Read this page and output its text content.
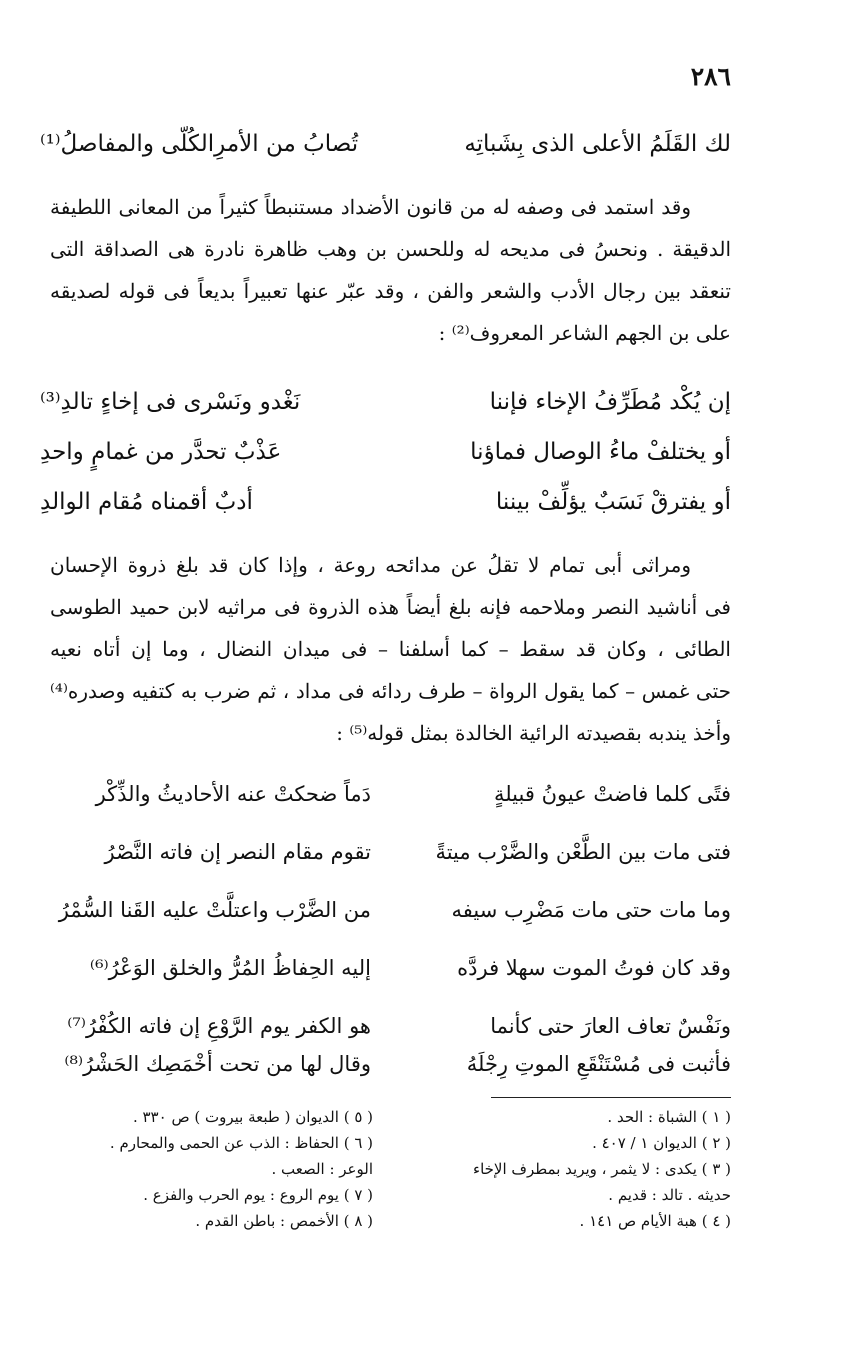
٢٨٦
لك القَلَمُ الأعلى الذى بِشَباتِه
تُصابُ من الأمرِالكُلّى والمفاصلُ⁽¹⁾
وقد استمد فى وصفه له من قانون الأضداد مستنبطاً كثيراً من المعانى اللطيفة
الدقيقة . ونحسُ فى مديحه له وللحسن بن وهب ظاهرة نادرة هى الصداقة التى
تنعقد بين رجال الأدب والشعر والفن ، وقد عبّر عنها تعبيراً بديعاً فى قوله لصديقه
على بن الجهم الشاعر المعروف⁽²⁾ :
إن يُكْد مُطَرِّفُ الإخاء فإننا
نَغْدو ونَسْرى فى إخاءٍ تالدِ⁽³⁾
أو يختلفْ ماءُ الوصال فماؤنا
عَذْبٌ تحدَّر من غمامٍ واحدِ
أو يفترقْ نَسَبٌ يؤلِّفْ بيننا
أدبٌ أقمناه مُقام الوالدِ
ومراثى أبى تمام لا تقلُ عن مدائحه روعة ، وإذا كان قد بلغ ذروة الإحسان
فى أناشيد النصر وملاحمه فإنه بلغ أيضاً هذه الذروة فى مراثيه لابن حميد الطوسى
الطائى ، وكان قد سقط – كما أسلفنا – فى ميدان النضال ، وما إن أتاه نعيه
حتى غمس – كما يقول الرواة – طرف ردائه فى مداد ، ثم ضرب به كتفيه وصدره⁽⁴⁾
وأخذ يندبه بقصيدته الرائية الخالدة بمثل قوله⁽⁵⁾ :
فتًى كلما فاضتْ عيونُ قبيلةٍ
دَماً ضحكتْ عنه الأحاديثُ والذِّكْر
فتى مات بين الطَّعْن والضَّرْب ميتةً
تقوم مقام النصر إن فاته النَّصْرُ
وما مات حتى مات مَضْرِب سيفه
من الضَّرْب واعتلَّتْ عليه القَنا السُّمْرُ
وقد كان فوتُ الموت سهلا فردَّه
إليه الحِفاظُ المُرُّ والخلق الوَعْرُ⁽⁶⁾
ونَفْسٌ تعاف العارَ حتى كأنما
هو الكفر يوم الرَّوْعِ إن فاته الكُفْرُ⁽⁷⁾
فأثبت فى مُسْتَنْقَعِ الموتِ رِجْلَهُ
وقال لها من تحت أخْمَصِك الحَشْرُ⁽⁸⁾
( ١ ) الشباة : الحد .
( ٢ ) الديوان ١ / ٤٠٧ .
( ٣ ) يكدى : لا يثمر ، ويريد بمطرف الإخاء
حديثه . تالد : قديم .
( ٤ ) هبة الأيام ص ١٤١ .
( ٥ ) الديوان ( طبعة بيروت ) ص ٣٣٠ .
( ٦ ) الحفاظ : الذب عن الحمى والمحارم .
الوعر : الصعب .
( ٧ ) يوم الروع : يوم الحرب والفزع .
( ٨ ) الأخمص : باطن القدم .
